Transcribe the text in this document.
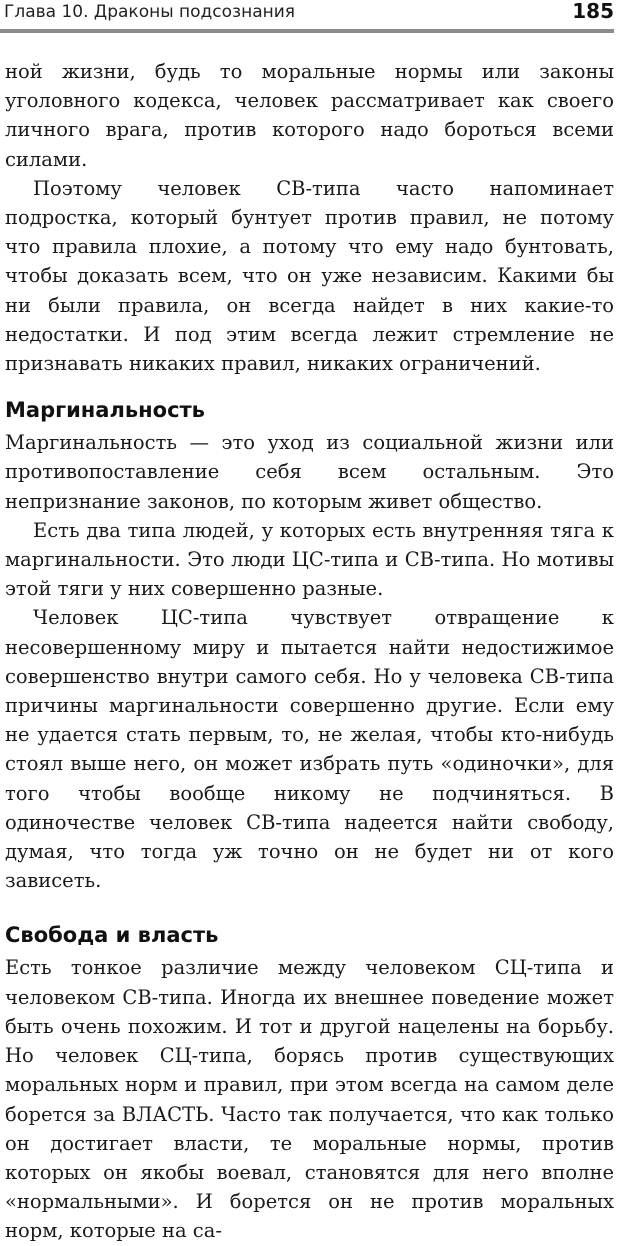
Глава 10. Драконы подсознания	185

ной жизни, будь то моральные нормы или законы уголовного кодекса, человек рассматривает как своего личного врага, против которого надо бороться всеми силами.

Поэтому человек СВ-типа часто напоминает подростка, который бунтует против правил, не потому что правила плохие, а потому что ему надо бунтовать, чтобы доказать всем, что он уже независим. Какими бы ни были правила, он всегда найдет в них какие-то недостатки. И под этим всегда лежит стремление не признавать никаких правил, никаких ограничений.

Маргинальность

Маргинальность — это уход из социальной жизни или противопоставление себя всем остальным. Это непризнание законов, по которым живет общество.

Есть два типа людей, у которых есть внутренняя тяга к маргинальности. Это люди ЦС-типа и СВ-типа. Но мотивы этой тяги у них совершенно разные.

Человек ЦС-типа чувствует отвращение к несовершенному миру и пытается найти недостижимое совершенство внутри самого себя. Но у человека СВ-типа причины маргинальности совершенно другие. Если ему не удается стать первым, то, не желая, чтобы кто-нибудь стоял выше него, он может избрать путь «одиночки», для того чтобы вообще никому не подчиняться. В одиночестве человек СВ-типа надеется найти свободу, думая, что тогда уж точно он не будет ни от кого зависеть.

Свобода и власть

Есть тонкое различие между человеком СЦ-типа и человеком СВ-типа. Иногда их внешнее поведение может быть очень похожим. И тот и другой нацелены на борьбу. Но человек СЦ-типа, борясь против существующих моральных норм и правил, при этом всегда на самом деле борется за ВЛАСТЬ. Часто так получается, что как только он достигает власти, те моральные нормы, против которых он якобы воевал, становятся для него вполне «нормальными». И борется он не против моральных норм, которые на са-
